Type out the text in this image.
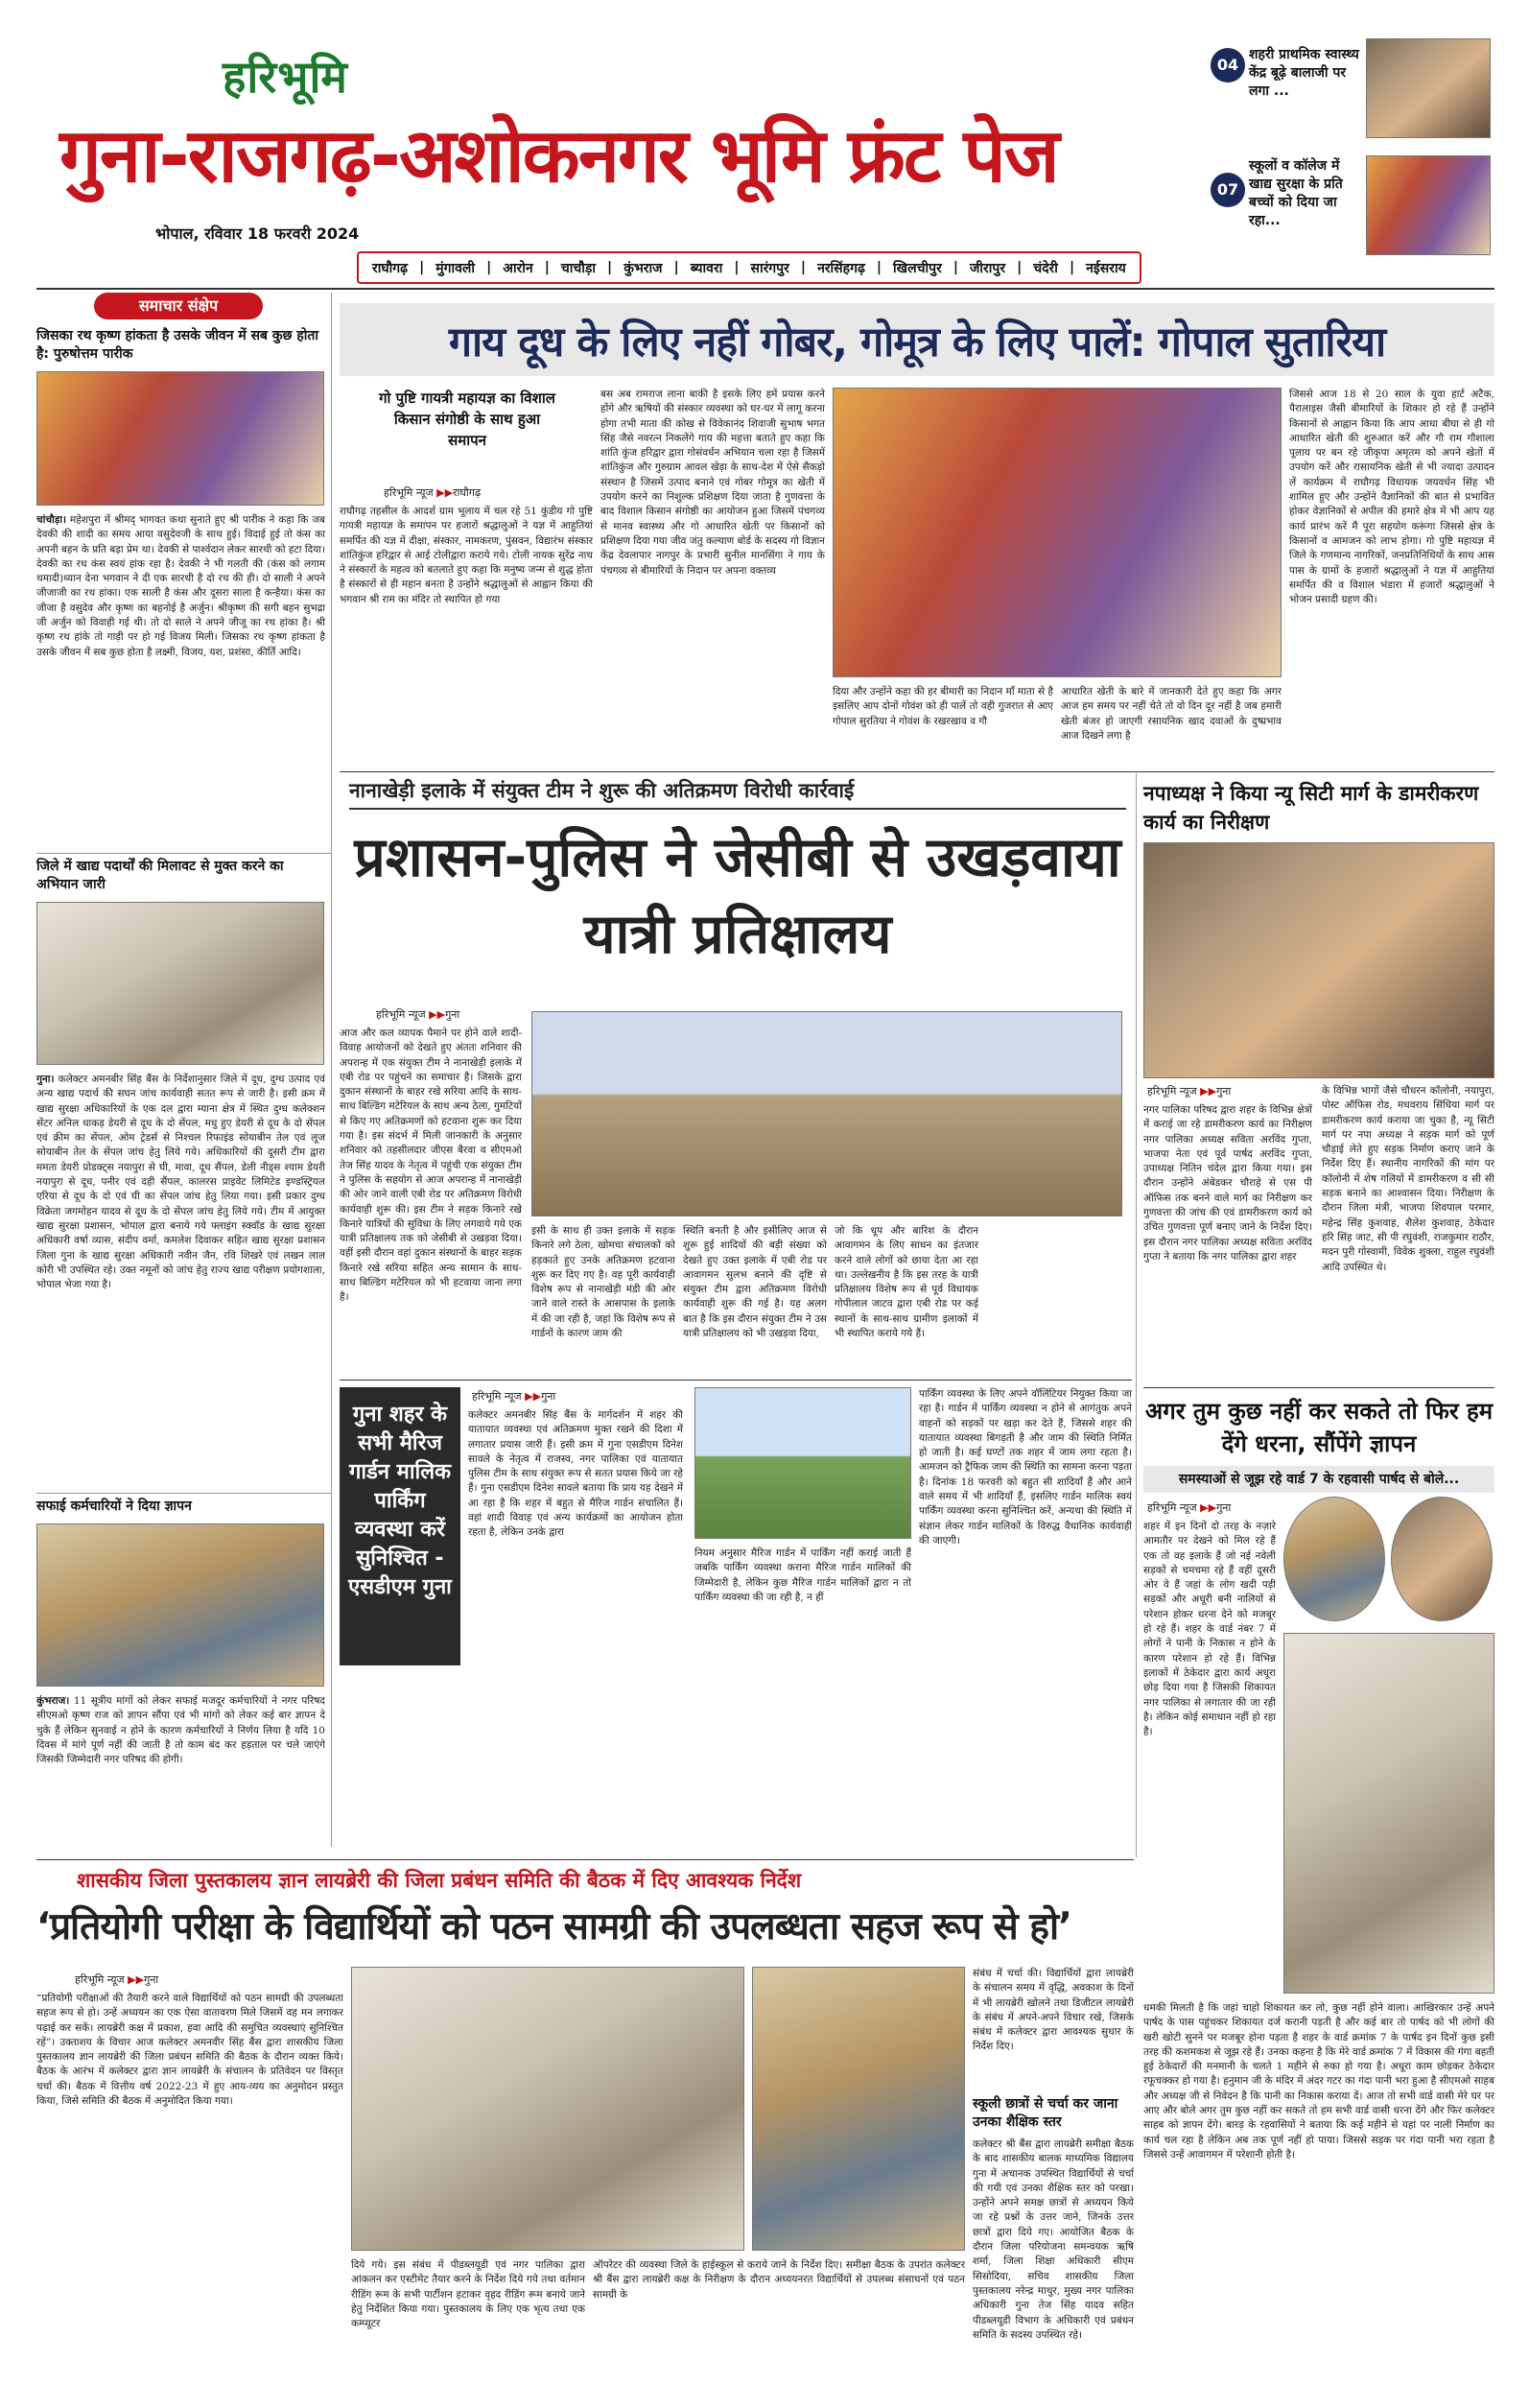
हरिभूमि
गुना-राजगढ़-अशोकनगर भूमि फ्रंट पेज
भोपाल, रविवार 18 फरवरी 2024
04
शहरी प्राथमिक स्वास्थ्य केंद्र बूढ़े बालाजी पर लगा ...
07
स्कूलों व कॉलेज में खाद्य सुरक्षा के प्रति बच्चों को दिया जा रहा...
राघौगढ़ | मुंगावली | आरोन | चाचौड़ा | कुंभराज | ब्यावरा | सारंगपुर | नरसिंहगढ़ | खिलचीपुर | जीरापुर | चंदेरी | नईसराय
समाचार संक्षेप
जिसका रथ कृष्ण हांकता है उसके जीवन में सब कुछ होता है: पुरुषोत्तम पारीक
चांचौड़ा। महेशपुरा में श्रीमद् भागवत कथा सुनाते हुए श्री पारीक ने कहा कि जब देवकी की शादी का समय आया वसुदेवजी के साथ हुई। विदाई हुई तो कंस का अपनी बहन के प्रति बड़ा प्रेम था। देवकी से पार्श्वदान लेकर सारथी को हटा दिया। देवकी का रथ कंस स्वयं हांक रहा है। देवकी ने भी गलती की (कंस को लगाम थमादी)ध्यान देना भगवान ने दी एक सारथी है दो रथ की ही। दो साली ने अपने जीजाजी का रथ हांका। एक साली है कंस और दूसरा साला है कन्हैया। कंस का जीजा है वसुदेव और कृष्ण का बहनोई है अर्जुन। श्रीकृष्ण की सगी बहन सुभद्रा जी अर्जुन को विवाही गई थी। तो दो साले ने अपने जीजू का रथ हांका है। श्री कृष्ण रथ हांके तो गाड़ी पर हो गई विजय मिली। जिसका रथ कृष्ण हांकता है उसके जीवन में सब कुछ होता है लक्ष्मी, विजय, यश, प्रशंसा, कीर्ति आदि।
जिले में खाद्य पदार्थों की मिलावट से मुक्त करने का अभियान जारी
गुना। कलेक्टर अमनबीर सिंह बैंस के निर्देशानुसार जिले में दूध, दुग्ध उत्पाद एवं अन्य खाद्य पदार्थ की सघन जांच कार्यवाही सतत रूप से जारी है। इसी क्रम में खाद्य सुरक्षा अधिकारियों के एक दल द्वारा म्याना क्षेत्र में स्थित दुग्ध कलेक्शन सेंटर अनिल धाकड़ डेयरी से दूध के दो सेंपल, मधु हुए डेयरी से दूध के दो सेंपल एवं क्रीम का सेंपल, ओम ट्रेडर्स से निश्चल रिफाइंड सोयाबीन तेल एवं लूज सोयाबीन तेल के सेंपल जांच हेतु लिये गये। अधिकारियों की दूसरी टीम द्वारा ममता डेयरी प्रोडक्ट्स नयापुरा से घी, मावा, दूध सैंपल, डेली नीड्स श्याम डेयरी नयापुरा से दूध, पनीर एवं दही सैंपल, कालरस प्राइवेट लिमिटेड इण्डस्ट्रियल एरिया से दूध के दो एवं घी का सेंपल जांच हेतु लिया गया। इसी प्रकार दुग्ध विक्रेता जगमोहन यादव से दूध के दो सेंपल जांच हेतु लिये गये। टीम में आयुक्त खाद्य सुरक्षा प्रशासन, भोपाल द्वारा बनाये गये फ्लाइंग स्क्वॉड के खाद्य सुरक्षा अधिकारी वर्षा व्यास, संदीप वर्मा, कमलेश दिवाकर सहित खाद्य सुरक्षा प्रशासन जिला गुना के खाद्य सुरक्षा अधिकारी नवीन जैन, रवि शिखरे एवं लखन लाल कोरी भी उपस्थित रहे। उक्त नमूनों को जांच हेतु राज्य खाद्य परीक्षण प्रयोगशाला, भोपाल भेजा गया है।
सफाई कर्मचारियों ने दिया ज्ञापन
कुंभराज। 11 सूत्रीय मांगों को लेकर सफाई मजदूर कर्मचारियों ने नगर परिषद सीएमओ कृष्ण राज को ज्ञापन सौंपा एवं भी मांगों को लेकर कई बार ज्ञापन दे चुके हैं लेकिन सुनवाई न होने के कारण कर्मचारियों ने निर्णय लिया है यदि 10 दिवस में मांगे पूर्ण नहीं की जाती है तो काम बंद कर हड़ताल पर चले जाएंगे जिसकी जिम्मेदारी नगर परिषद की होगी।
गाय दूध के लिए नहीं गोबर, गोमूत्र के लिए पालें: गोपाल सुतारिया
गो पुष्टि गायत्री महायज्ञ का विशाल किसान संगोष्ठी के साथ हुआ समापन
हरिभूमि न्यूज ▶▶राघौगढ़
राघौगढ़ तहसील के आदर्श ग्राम भूलाय में चल रहे 51 कुंडीय गो पुष्टि गायत्री महायज्ञ के समापन पर हजारों श्रद्धालुओं ने यज्ञ में आहुतियां समर्पित की यज्ञ में दीक्षा, संस्कार, नामकरण, पुंसवन, विद्यारंभ संस्कार शांतिकुंज हरिद्वार से आई टोलीद्वारा कराये गये। टोली नायक सुरेंद्र नाथ ने संस्कारों के महत्व को बतलाते हुए कहा कि मनुष्य जन्म से शुद्ध होता है संस्कारों से ही महान बनता है उन्होंने श्रद्धालुओं से आह्वान किया की भगवान श्री राम का मंदिर तो स्थापित हो गया
बस अब रामराज लाना बाकी है इसके लिए हमें प्रयास करने होंगे और ऋषियों की संस्कार व्यवस्था को घर-घर में लागू करना होगा तभी माता की कोख से विवेकानंद शिवाजी सुभाष भगत सिंह जैसे नवरत्न निकलेंगे गाय की महत्ता बताते हुए कहा कि शांति कुंज हरिद्वार द्वारा गोसंवर्धन अभियान चला रहा है जिसमें शांतिकुंज और गुरुग्राम आवल खेड़ा के साथ-देश में ऐसे सैकड़ो संस्थान है जिसमें उत्पाद बनाने एवं गोबर गोमूत्र का खेती में उपयोग करने का निशुल्क प्रशिक्षण दिया जाता है गुणवत्ता के बाद विशाल किसान संगोष्ठी का आयोजन हुआ जिसमें पंचगव्य से मानव स्वास्थ्य और गो आधारित खेती पर किसानों को प्रशिक्षण दिया गया जीव जंतु कल्याण बोर्ड के सदस्य गो विज्ञान केंद्र देवलापार नागपुर के प्रभारी सुनील मानसिंगा ने गाय के पंचगव्य से बीमारियों के निदान पर अपना वक्तव्य
दिया और उन्होंने कहा की हर बीमारी का निदान माँ माता से है इसलिए आप दोनों गोवंश को ही पालें तो वही गुजरात से आए गोपाल सुरतिया ने गोवंश के रखरखाव व गौ
आधारित खेती के बारे में जानकारी देते हुए कहा कि अगर आज हम समय पर नहीं चेते तो वो दिन दूर नहीं है जब हमारी खेती बंजर हो जाएगी रसायनिक खाद दवाओं के दुष्प्रभाव आज दिखने लगा है
जिससे आज 18 से 20 साल के युवा हार्ट अटैक, पैरालाइस जैसी बीमारियों के शिकार हो रहे हैं उन्होंने किसानों से आह्वान किया कि आप आधा बीघा से ही गो आधारित खेती की शुरुआत करें और गौ राम गौशाला पूलाय पर बन रहे जीकृपा अमृतम को अपने खेतों में उपयोग करें और रासायनिक खेती से भी ज्यादा उत्पादन लें कार्यक्रम में राघौगढ़ विधायक जयवर्धन सिंह भी शामिल हुए और उन्होंने वैज्ञानिकों की बात से प्रभावित होकर वेज्ञानिकों से अपील की हमारे क्षेत्र में भी आप यह कार्य प्रारंभ करें मैं पूरा सहयोग करूंगा जिससे क्षेत्र के किसानों व आमजन को लाभ होगा। गो पुष्टि महायज्ञ में जिले के गणमान्य नागरिकों, जनप्रतिनिधियों के साथ आस पास के ग्रामों के हजारों श्रद्धालुओं ने यज्ञ में आहुतियां समर्पित की व विशाल भंडारा में हजारों श्रद्धालुओं ने भोजन प्रसादी ग्रहण की।
नानाखेड़ी इलाके में संयुक्त टीम ने शुरू की अतिक्रमण विरोधी कार्रवाई
प्रशासन-पुलिस ने जेसीबी से उखड़वाया यात्री प्रतिक्षालय
हरिभूमि न्यूज ▶▶गुना
आज और कल व्यापक पैमाने पर होने वाले शादी-विवाह आयोजनों को देखते हुए अंततः शनिवार की अपरान्ह में एक संयुक्त टीम ने नानाखेड़ी इलाके में एबी रोड पर पहुंचने का समाचार है। जिसके द्वारा दुकान संस्थानों के बाहर रखे सरिया आदि के साथ-साथ बिल्डिंग मटेरियल के साथ अन्य ठेला, गुमटियों से किए गए अतिक्रमणों को हटवाना शुरू कर दिया गया है। इस संदर्भ में मिली जानकारी के अनुसार शनिवार को तहसीलदार जीएस बैरवा व सीएमओ तेज सिंह यादव के नेतृत्व में पहुंची एक संयुक्त टीम ने पुलिस के सहयोग से आज अपरान्ह में नानाखेड़ी की ओर जाने वाली एबी रोड पर अतिक्रमण विरोधी कार्यवाही शुरू की। इस टीम ने सड़क किनारे रखे किनारे यात्रियों की सुविधा के लिए लगवाये गये एक यात्री प्रतिक्षालय तक को जेसीबी से उखड़वा दिया। वहीं इसी दौरान वहां दुकान संस्थानों के बाहर सड़क किनारे रखे सरिया सहित अन्य सामान के साथ-साथ बिल्डिंग मटेरियल को भी हटवाया जाना लगा है।
इसी के साथ ही उक्त इलाके में सड़क किनारे लगे ठेला, खोमचा संचालकों को हड़काते हुए उनके अतिक्रमण हटवाना शुरू कर दिए गए है। वह पूरी कार्यवाही विशेष रूप से नानाखेड़ी मंडी की ओर जाने वाले रास्ते के आसपास के इलाके में की जा रही है, जहां कि विशेष रूप से गार्डनों के कारण जाम की
स्थिति बनती है और इसीलिए आज से शुरू हुई शादियों की बड़ी संख्या को देखते हुए उक्त इलाके में एबी रोड पर आवागमन सुलभ बनाने की दृष्टि से संयुक्त टीम द्वारा अतिक्रमण विरोधी कार्यवाही शुरू की गई है। यह अलग बात है कि इस दौरान संयुक्त टीम ने उस यात्री प्रतिक्षालय को भी उखड़वा दिया,
जो कि धूप और बारिश के दौरान आवागमन के लिए साधन का इंतजार करने वाले लोगों को छाया देता आ रहा था। उल्लेखनीय है कि इस तरह के यात्री प्रतिक्षालय विशेष रूप से पूर्व विधायक गोपीलाल जाटव द्वारा एबी रोड पर कई स्थानों के साथ-साथ ग्रामीण इलाकों में भी स्थापित कराये गये हैं।
गुना शहर के सभी मैरिज गार्डन मालिक पार्किंग व्यवस्था करें सुनिश्चित - एसडीएम गुना
हरिभूमि न्यूज ▶▶गुना
कलेक्टर अमनबीर सिंह बैंस के मार्गदर्शन में शहर की यातायात व्यवस्था एवं अतिक्रमण मुक्त रखने की दिशा में लगातार प्रयास जारी हैं। इसी क्रम में गुना एसडीएम दिनेश सावले के नेतृत्व में राजस्व, नगर पालिका एवं यातायात पुलिस टीम के साथ संयुक्त रूप से सतत प्रयास किये जा रहे हैं। गुना एसडीएम दिनेश सावले बताया कि प्राय यह देखने में आ रहा है कि शहर में बहुत से मैरिज गार्डन संचालित हैं। वहां शादी विवाह एवं अन्य कार्यक्रमों का आयोजन होता रहता है, लेकिन उनके द्वारा
नियम अनुसार मैरिज गार्डन में पार्किंग नहीं कराई जाती हैं जबकि पार्किंग व्यवस्था कराना मैरिज गार्डन मालिकों की जिम्मेदारी है, लेकिन कुछ मैरिज गार्डन मालिकों द्वारा न तो पार्किंग व्यवस्था की जा रही है, न हीं
पार्किंग व्यवस्था के लिए अपने वॉलिंटियर नियुक्त किया जा रहा है। गार्डन में पार्किंग व्यवस्था न होने से आगंतुक अपने वाहनों को सड़कों पर खड़ा कर देते हैं, जिससे शहर की यातायात व्यवस्था बिगड़ती है और जाम की स्थिति निर्मित हो जाती है। कई घण्टों तक शहर में जाम लगा रहता है। आमजन को ट्रैफिक जाम की स्थिति का सामना करना पड़ता है। दिनांक 18 फरवरी को बहुत सी शादियाँ हैं और आने वाले समय में भी शादियाँ हैं, इसलिए गार्डन मालिक स्वयं पार्किंग व्यवस्था करना सुनिश्चित करें, अन्यथा की स्थिति में संज्ञान लेकर गार्डन मालिकों के विरुद्ध वैधानिक कार्यवाही की जाएगी।
नपाध्यक्ष ने किया न्यू सिटी मार्ग के डामरीकरण कार्य का निरीक्षण
हरिभूमि न्यूज ▶▶गुना
नगर पालिका परिषद द्वारा शहर के विभिन्न क्षेत्रों में कराई जा रहे डामरीकरण कार्य का निरीक्षण नगर पालिका अध्यक्ष सविता अरविंद गुप्ता, भाजपा नेता एवं पूर्व पार्षद अरविंद गुप्ता, उपाध्यक्ष नितिन चंदेल द्वारा किया गया। इस दौरान उन्होंने अंबेडकर चौराहे से एस पी ऑफिस तक बनने वाले मार्ग का निरीक्षण कर गुणवत्ता की जांच की एवं डामरीकरण कार्य को उचित गुणवत्ता पूर्ण बनाए जाने के निर्देश दिए। इस दौरान नगर पालिका अध्यक्ष सविता अरविंद गुप्ता ने बताया कि नगर पालिका द्वारा शहर
के विभिन्न भागों जैसे चौधरन कॉलोनी, नयापुरा, पोस्ट ऑफिस रोड, मधवराय सिंधिया मार्ग पर डामरीकरण कार्य कराया जा चुका है, न्यू सिटी मार्ग पर नपा अध्यक्ष ने सड़क मार्ग को पूर्ण चौड़ाई लेते हुए सड़क निर्माण कराए जाने के निर्देश दिए हैं। स्थानीय नागरिकों की मांग पर कॉलोनी में शेष गलियों में डामरीकरण व सी सी सड़क बनाने का आश्वासन दिया। निरीक्षण के दौरान जिला मंत्री, भाजपा शिवपाल परमार, महेन्द्र सिंह कुशवाह, शैलेश कुशवाह, ठेकेदार हरि सिंह जाट, सी पी रघुवंशी, राजकुमार राठौर, मदन पुरी गोस्वामी, विवेक शुक्ला, राहुल रघुवंशी आदि उपस्थित थे।
अगर तुम कुछ नहीं कर सकते तो फिर हम देंगे धरना, सौंपेंगे ज्ञापन
समस्याओं से जूझ रहे वार्ड 7 के रहवासी पार्षद से बोले...
हरिभूमि न्यूज ▶▶गुना
शहर में इन दिनों दो तरह के नज़ारे आमतौर पर देखने को मिल रहे हैं एक तो वह इलाके हैं जो नई नवेली सड़कों से चमचमा रहे हैं वहीं दूसरी ओर वे हैं जहां के लोग खदी पड़ी सड़कों और अधूरी बनी नालियों से परेशान होकर धरना देने को मजबूर हो रहे हैं। शहर के वार्ड नंबर 7 में लोगों ने पानी के निकास न होने के कारण परेशान हो रहे हैं। विभिन्न इलाकों में ठेकेदार द्वारा कार्य अधूरा छोड़ दिया गया है जिसकी शिकायत नगर पालिका से लगातार की जा रही है। लेकिन कोई समाधान नहीं हो रहा है।
धमकी मिलती है कि जहां चाहो शिकायत कर लो, कुछ नहीं होने वाला। आखिरकार उन्हें अपने पार्षद के पास पहुंचकर शिकायत दर्ज करानी पड़ती है और कई बार तो पार्षद को भी लोगों की खरी खोटी सुनने पर मजबूर होना पड़ता है शहर के वार्ड क्रमांक 7 के पार्षद इन दिनों कुछ इसी तरह की कशमकश से जूझ रहे हैं। उनका कहना है कि मेरे वार्ड क्रमांक 7 में विकास की गंगा बहती हुई ठेकेदारों की मनमानी के चलते 1 महीने से रुका हो गया है। अधूरा काम छोड़कर ठेकेदार रफूचक्कर हो गया है। हनुमान जी के मंदिर में अंदर गटर का गंदा पानी भरा हुआ है सीएमओ साहब और अध्यक्ष जी से निवेदन है कि पानी का निकास कराया दें। आज तो सभी वार्ड वासी मेरे घर पर आए और बोले अगर तुम कुछ नहीं कर सकते तो हम सभी वार्ड वासी धरना देंगे और फिर कलेक्टर साहब को ज्ञापन देंगे। बारड़ के रहवासियों ने बताया कि कई महीने से यहां पर नाली निर्माण का कार्य चल रहा है लेकिन अब तक पूर्ण नहीं हो पाया। जिससे सड़क पर गंदा पानी भरा रहता है जिससे उन्हें आवागमन में परेशानी होती है।
शासकीय जिला पुस्तकालय ज्ञान लायब्रेरी की जिला प्रबंधन समिति की बैठक में दिए आवश्यक निर्देश
‘प्रतियोगी परीक्षा के विद्यार्थियों को पठन सामग्री की उपलब्धता सहज रूप से हो’
हरिभूमि न्यूज ▶▶गुना
“प्रतियोगी परीक्षाओं की तैयारी करने वाले विद्यार्थियों को पठन सामग्री की उपलब्धता सहज रूप से हो। उन्हें अध्ययन का एक ऐसा वातावरण मिले जिसमें वह मन लगाकर पढ़ाई कर सकें। लायब्रेरी कक्ष में प्रकाश, हवा आदि की समुचित व्यवस्थाएं सुनिश्चित रहें”। उक्ताशय के विचार आज कलेक्टर अमनवीर सिंह बैंस द्वारा शासकीय जिला पुस्तकालय ज्ञान लायब्रेरी की जिला प्रबंधन समिति की बैठक के दौरान व्यक्त किये। बैठक के आरंभ में कलेक्टर द्वारा ज्ञान लायब्रेरी के संचालन के प्रतिवेदन पर विस्तृत चर्चा की। बैठक में वित्तीय वर्ष 2022-23 में हुए आय-व्यय का अनुमोदन प्रस्तुत किया, जिसे समिति की बैठक में अनुमोदित किया गया।
दिये गये। इस संबंध में पीडब्लयूडी एवं नगर पालिका द्वारा आंकलन कर एस्टीमेट तैयार करने के निर्देश दिये गये तथा वर्तमान रीडिंग रूम के सभी पार्टीशन हटाकर वृहद रीडिंग रूम बनाये जाने हेतु निर्देशित किया गया। पुस्तकालय के लिए एक भृत्य तथा एक कम्प्यूटर
ऑपरेटर की व्यवस्था जिले के हाईस्कूल से कराये जाने के निर्देश दिए। समीक्षा बैठक के उपरांत कलेक्टर श्री बैंस द्वारा लायब्रेरी कक्ष के निरीक्षण के दौरान अध्ययनरत विद्यार्थियों से उपलब्ध संसाधनों एवं पठन सामग्री के
संबंध में चर्चा की। विद्यार्थियों द्वारा लायब्रेरी के संचालन समय में वृद्धि, अवकाश के दिनों में भी लायब्रेरी खोलने तथा डिजीटल लायब्रेरी के संबंध में अपने-अपने विचार रखे, जिसके संबंध में कलेक्टर द्वारा आवश्यक सुधार के निर्देश दिए।
स्कूली छात्रों से चर्चा कर जाना उनका शैक्षिक स्तर
कलेक्टर श्री बैंस द्वारा लायब्रेरी समीक्षा बैठक के बाद शासकीय बालक माध्यमिक विद्यालय गुना में अचानक उपस्थित विद्यार्थियों से चर्चा की गयी एवं उनका शैक्षिक स्तर को परखा। उन्होंने अपने समक्ष छात्रों से अध्ययन किये जा रहे प्रश्नों के उत्तर जाने, जिनके उत्तर छात्रों द्वारा दिये गए। आयोजित बैठक के दौरान जिला परियोजना समन्वयक ऋषि शर्मा, जिला शिक्षा अधिकारी सीएम सिसोदिया, सचिव शासकीय जिला पुस्तकालय नरेन्द्र माथुर, मुख्य नगर पालिका अधिकारी गुना तेज सिंह यादव सहित पीडब्लयूडी विभाग के अधिकारी एवं प्रबंधन समिति के सदस्य उपस्थित रहे।
